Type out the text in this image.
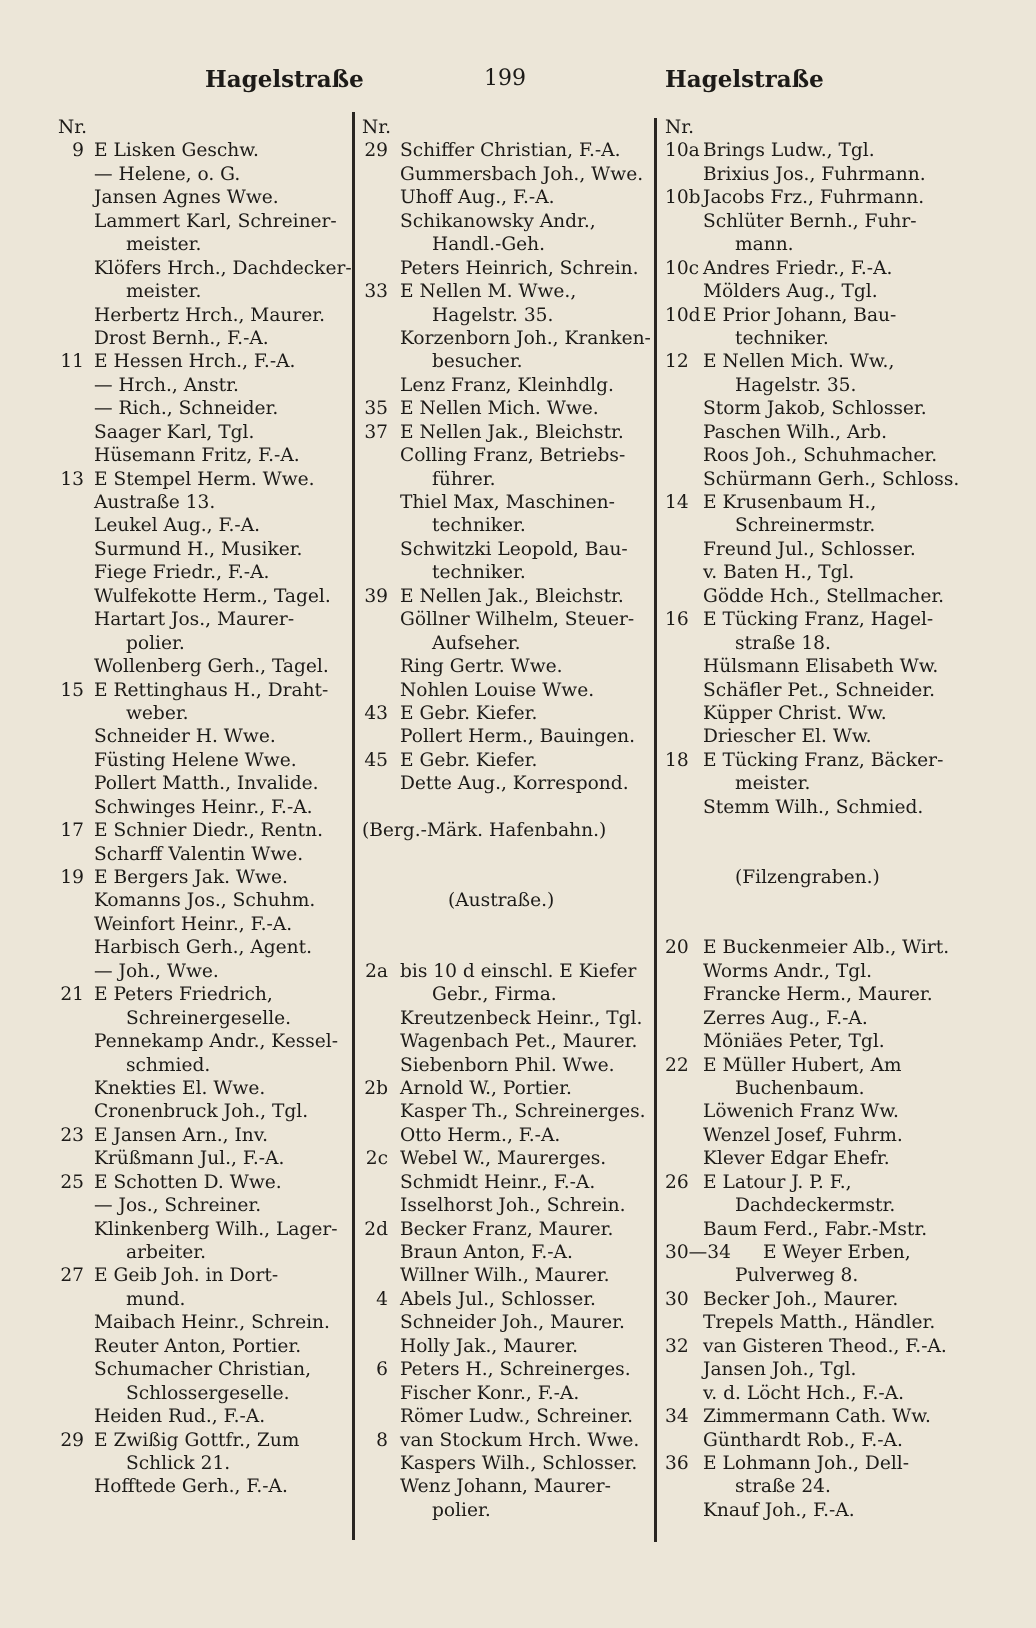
Hagelstraße	199	Hagelstraße
Nr.
9 E Lisken Geschw.
— Helene, o. G.
Jansen Agnes Wwe.
Lammert Karl, Schreiner-
meister.
Klöfers Hrch., Dachdecker-
meister.
Herbertz Hrch., Maurer.
Drost Bernh., F.-A.
11 E Hessen Hrch., F.-A.
— Hrch., Anstr.
— Rich., Schneider.
Saager Karl, Tgl.
Hüsemann Fritz, F.-A.
13 E Stempel Herm. Wwe.
Austraße 13.
Leukel Aug., F.-A.
Surmund H., Musiker.
Fiege Friedr., F.-A.
Wulfekotte Herm., Tagel.
Hartart Jos., Maurer-
polier.
Wollenberg Gerh., Tagel.
15 E Rettinghaus H., Draht-
weber.
Schneider H. Wwe.
Füsting Helene Wwe.
Pollert Matth., Invalide.
Schwinges Heinr., F.-A.
17 E Schnier Diedr., Rentn.
Scharff Valentin Wwe.
19 E Bergers Jak. Wwe.
Komanns Jos., Schuhm.
Weinfort Heinr., F.-A.
Harbisch Gerh., Agent.
— Joh., Wwe.
21 E Peters Friedrich,
Schreinergeselle.
Pennekamp Andr., Kessel-
schmied.
Knekties El. Wwe.
Cronenbruck Joh., Tgl.
23 E Jansen Arn., Inv.
Krüßmann Jul., F.-A.
25 E Schotten D. Wwe.
— Jos., Schreiner.
Klinkenberg Wilh., Lager-
arbeiter.
27 E Geib Joh. in Dort-
mund.
Maibach Heinr., Schrein.
Reuter Anton, Portier.
Schumacher Christian,
Schlossergeselle.
Heiden Rud., F.-A.
29 E Zwißig Gottfr., Zum
Schlick 21.
Hofftede Gerh., F.-A.
Nr.
29 Schiffer Christian, F.-A.
Gummersbach Joh., Wwe.
Uhoff Aug., F.-A.
Schikanowsky Andr.,
Handl.-Geh.
Peters Heinrich, Schrein.
33 E Nellen M. Wwe.,
Hagelstr. 35.
Korzenborn Joh., Kranken-
besucher.
Lenz Franz, Kleinhdlg.
35 E Nellen Mich. Wwe.
37 E Nellen Jak., Bleichstr.
Colling Franz, Betriebs-
führer.
Thiel Max, Maschinen-
techniker.
Schwitzki Leopold, Bau-
techniker.
39 E Nellen Jak., Bleichstr.
Göllner Wilhelm, Steuer-
Aufseher.
Ring Gertr. Wwe.
Nohlen Louise Wwe.
43 E Gebr. Kiefer.
Pollert Herm., Bauingen.
45 E Gebr. Kiefer.
Dette Aug., Korrespond.
(Berg.-Märk. Hafenbahn.)
(Austraße.)
2a bis 10 d einschl. E Kiefer
Gebr., Firma.
Kreutzenbeck Heinr., Tgl.
Wagenbach Pet., Maurer.
Siebenborn Phil. Wwe.
2b Arnold W., Portier.
Kasper Th., Schreinerges.
Otto Herm., F.-A.
2c Webel W., Maurerges.
Schmidt Heinr., F.-A.
Isselhorst Joh., Schrein.
2d Becker Franz, Maurer.
Braun Anton, F.-A.
Willner Wilh., Maurer.
4 Abels Jul., Schlosser.
Schneider Joh., Maurer.
Holly Jak., Maurer.
6 Peters H., Schreinerges.
Fischer Konr., F.-A.
Römer Ludw., Schreiner.
8 van Stockum Hrch. Wwe.
Kaspers Wilh., Schlosser.
Wenz Johann, Maurer-
polier.
Nr.
10a Brings Ludw., Tgl.
Brixius Jos., Fuhrmann.
10b Jacobs Frz., Fuhrmann.
Schlüter Bernh., Fuhr-
mann.
10c Andres Friedr., F.-A.
Mölders Aug., Tgl.
10d E Prior Johann, Bau-
techniker.
12 E Nellen Mich. Ww.,
Hagelstr. 35.
Storm Jakob, Schlosser.
Paschen Wilh., Arb.
Roos Joh., Schuhmacher.
Schürmann Gerh., Schloss.
14 E Krusenbaum H.,
Schreinermstr.
Freund Jul., Schlosser.
v. Baten H., Tgl.
Gödde Hch., Stellmacher.
16 E Tücking Franz, Hagel-
straße 18.
Hülsmann Elisabeth Ww.
Schäfler Pet., Schneider.
Küpper Christ. Ww.
Driescher El. Ww.
18 E Tücking Franz, Bäcker-
meister.
Stemm Wilh., Schmied.
(Filzengraben.)
20 E Buckenmeier Alb., Wirt.
Worms Andr., Tgl.
Francke Herm., Maurer.
Zerres Aug., F.-A.
Möniäes Peter, Tgl.
22 E Müller Hubert, Am
Buchenbaum.
Löwenich Franz Ww.
Wenzel Josef, Fuhrm.
Klever Edgar Ehefr.
26 E Latour J. P. F.,
Dachdeckermstr.
Baum Ferd., Fabr.-Mstr.
30—34 E Weyer Erben,
Pulverweg 8.
30 Becker Joh., Maurer.
Trepels Matth., Händler.
32 van Gisteren Theod., F.-A.
Jansen Joh., Tgl.
v. d. Löcht Hch., F.-A.
34 Zimmermann Cath. Ww.
Günthardt Rob., F.-A.
36 E Lohmann Joh., Dell-
straße 24.
Knauf Joh., F.-A.
